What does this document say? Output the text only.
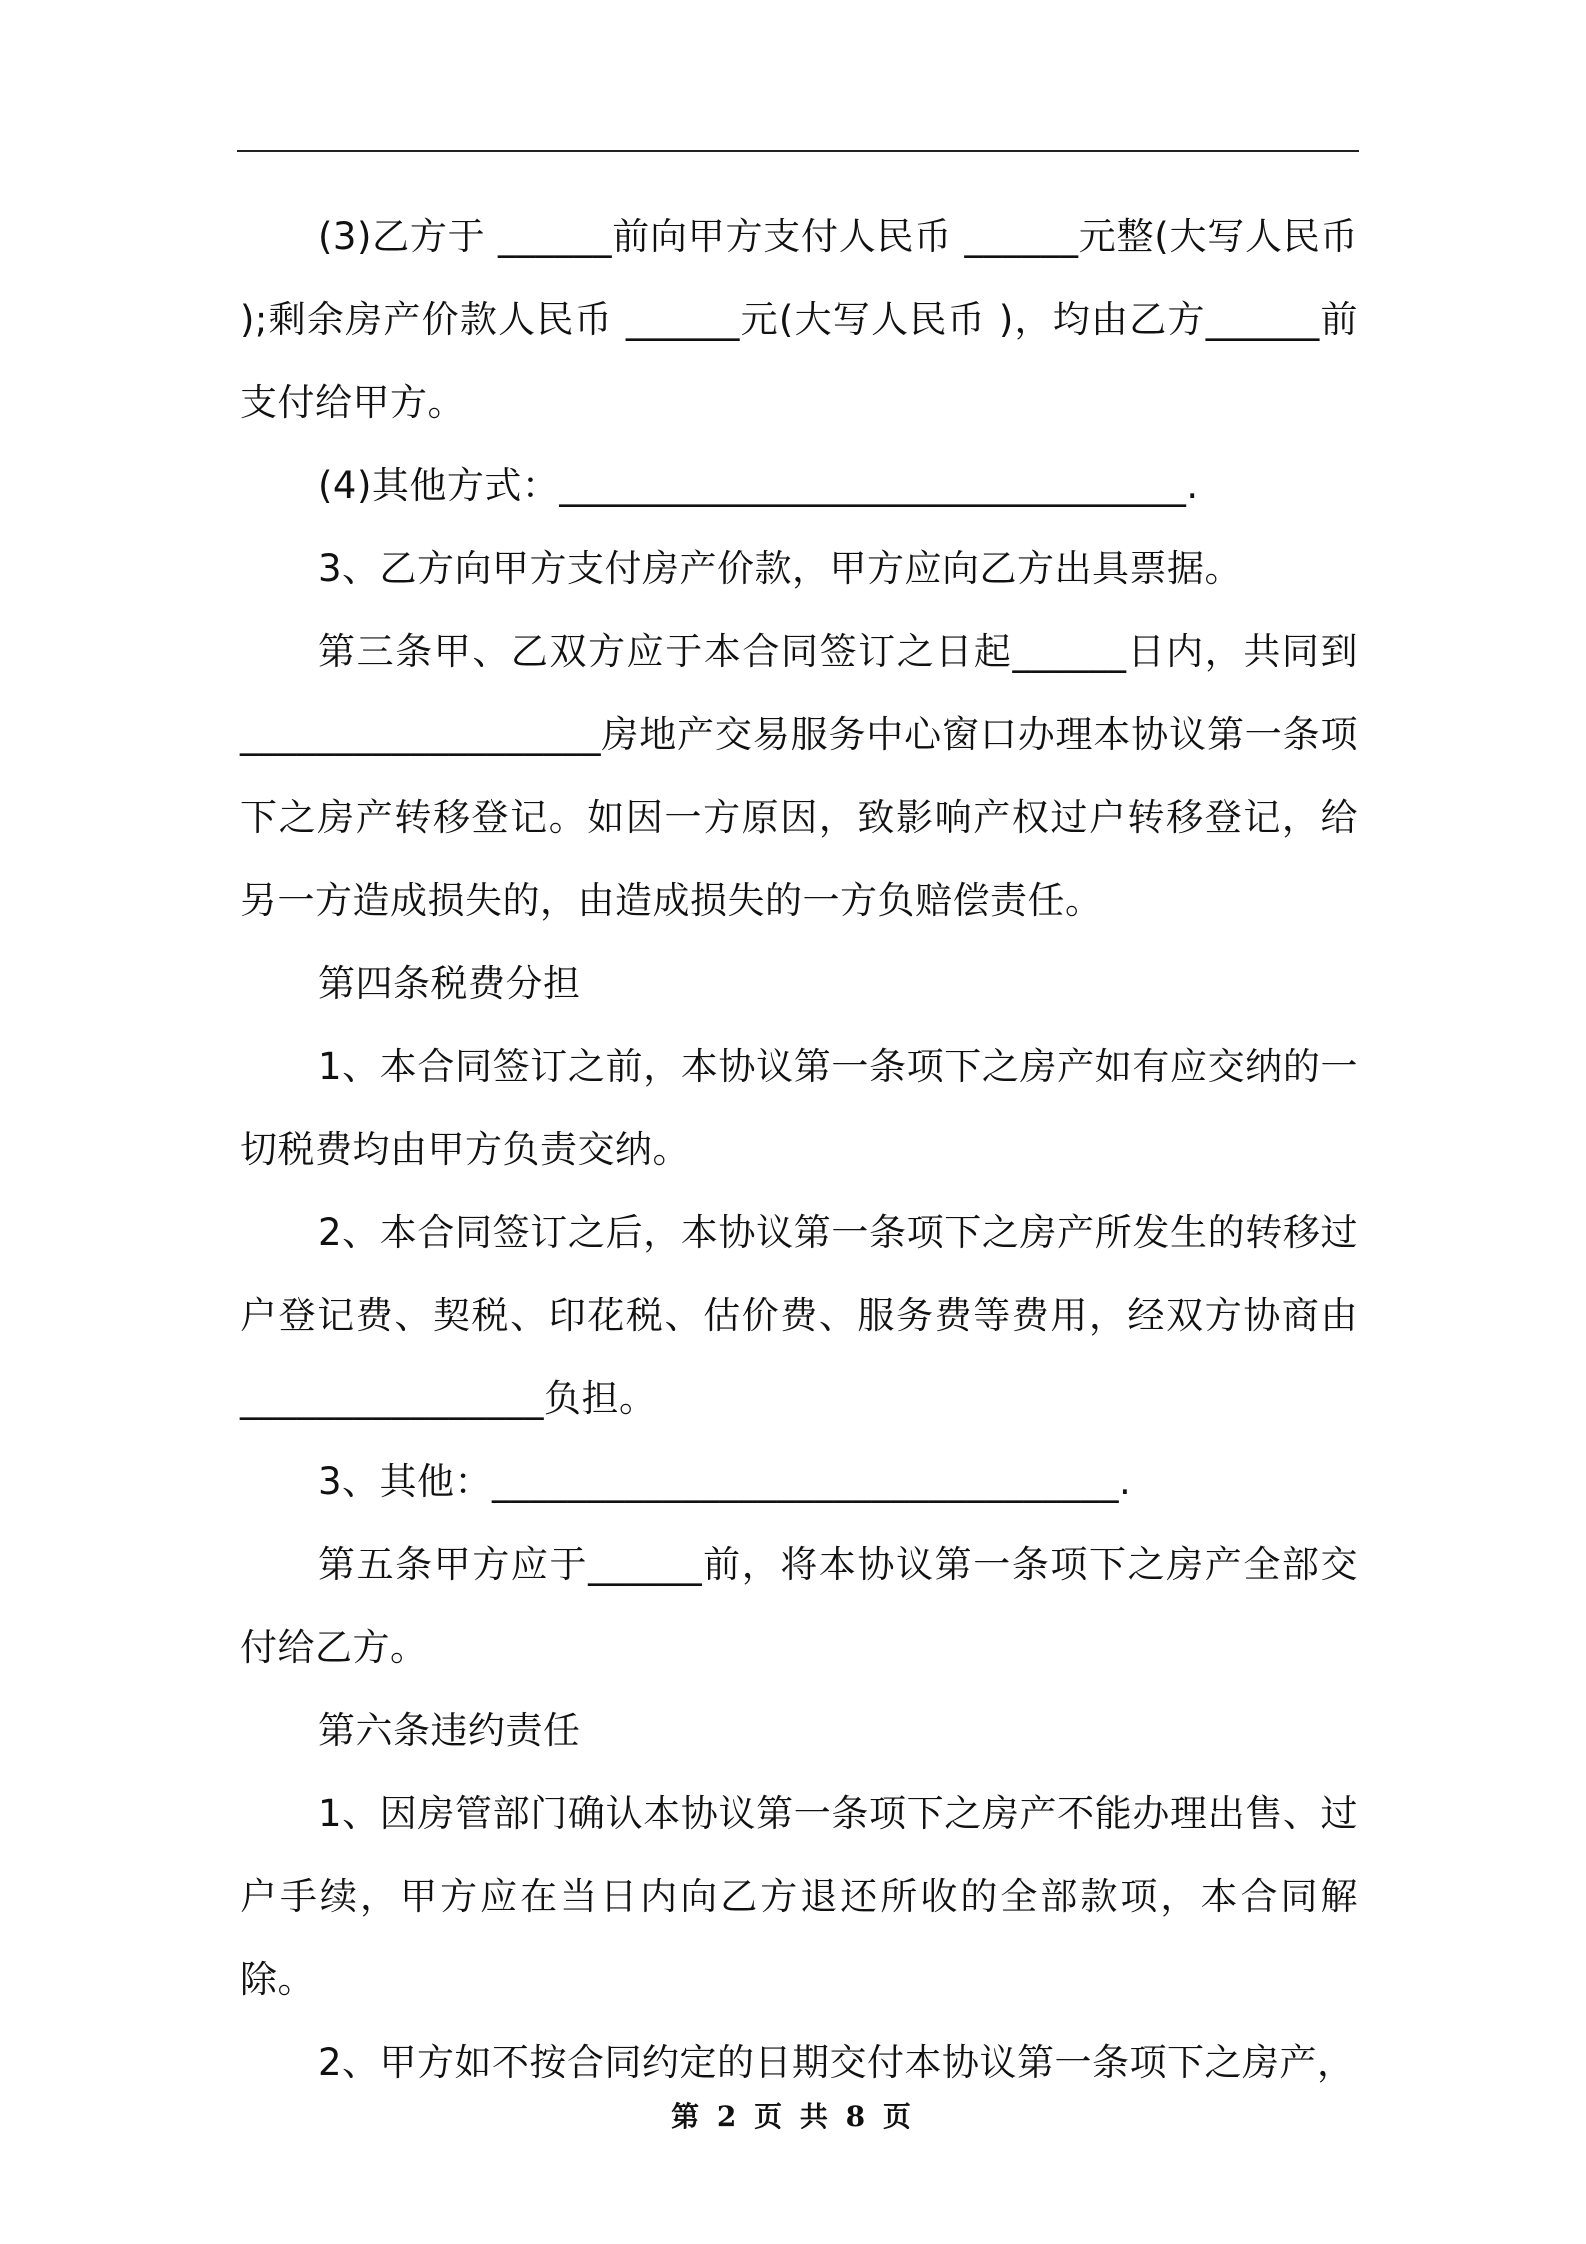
(3)乙方于 ______前向甲方支付人民币 ______元整(大写人民币 );剩余房产价款人民币 ______元(大写人民币 )，均由乙方______前支付给甲方。

(4)其他方式：_________________________________.

3、乙方向甲方支付房产价款，甲方应向乙方出具票据。

第三条甲、乙双方应于本合同签订之日起______日内，共同到___________________房地产交易服务中心窗口办理本协议第一条项下之房产转移登记。如因一方原因，致影响产权过户转移登记，给另一方造成损失的，由造成损失的一方负赔偿责任。

第四条税费分担

1、本合同签订之前，本协议第一条项下之房产如有应交纳的一切税费均由甲方负责交纳。

2、本合同签订之后，本协议第一条项下之房产所发生的转移过户登记费、契税、印花税、估价费、服务费等费用，经双方协商由________________负担。

3、其他：_________________________________.

第五条甲方应于______前，将本协议第一条项下之房产全部交付给乙方。

第六条违约责任

1、因房管部门确认本协议第一条项下之房产不能办理出售、过户手续，甲方应在当日内向乙方退还所收的全部款项，本合同解除。

2、甲方如不按合同约定的日期交付本协议第一条项下之房产，

第 2 页 共 8 页
